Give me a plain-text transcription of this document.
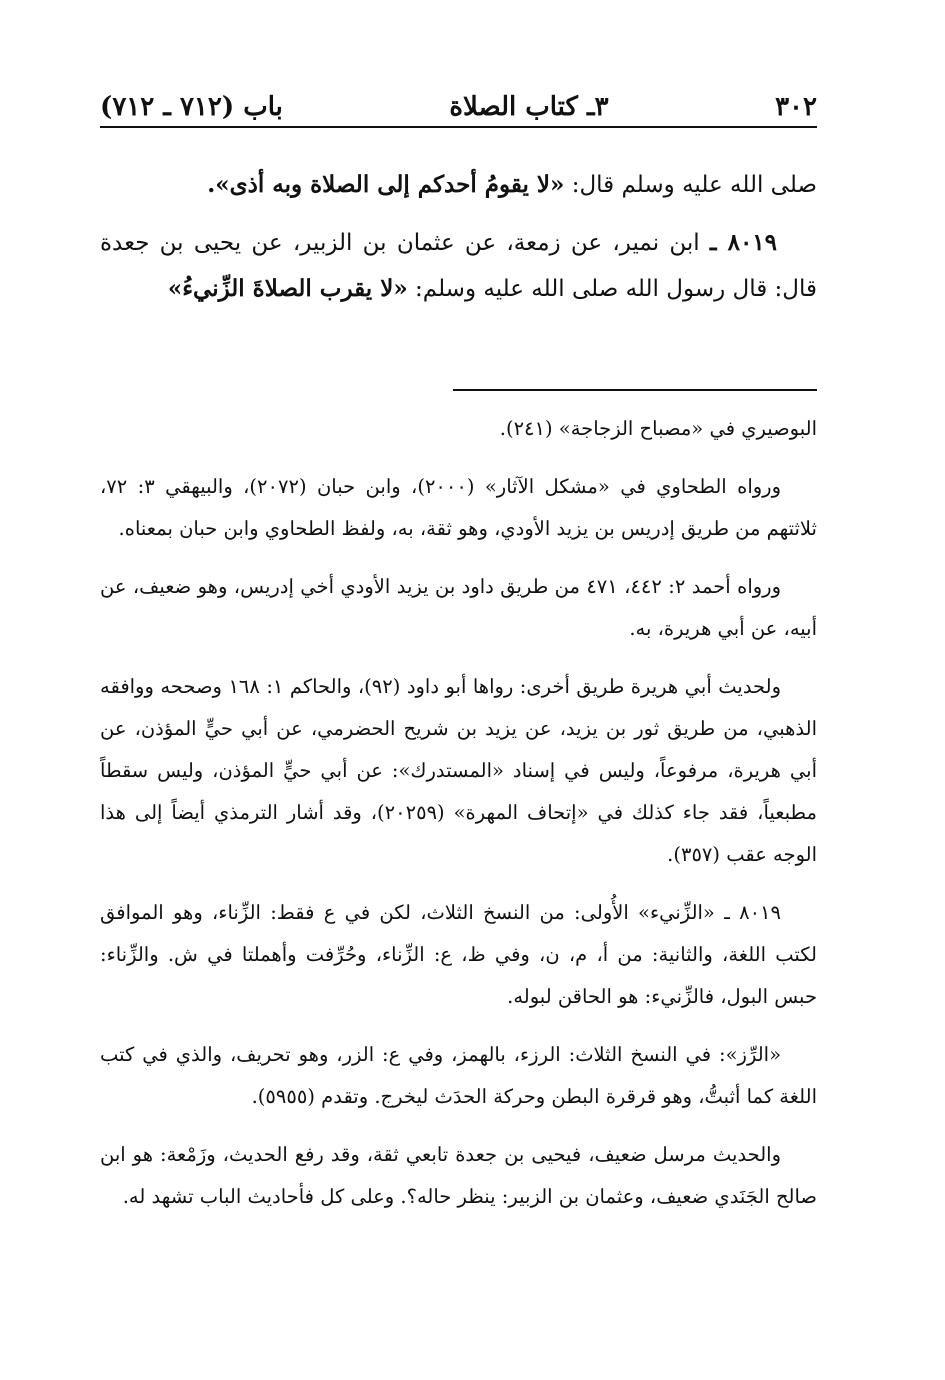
٣٠٢
٣ـ كتاب الصلاة
باب (٧١٢ ـ ٧١٢)

صلى الله عليه وسلم قال: «لا يقومُ أحدكم إلى الصلاة وبه أذى».

٨٠١٩ ـ ابن نمير، عن زمعة، عن عثمان بن الزبير، عن يحيى بن جعدة قال: قال رسول الله صلى الله عليه وسلم: «لا يقرب الصلاةَ الزِّنيءُ»

البوصيري في «مصباح الزجاجة» (٢٤١).

ورواه الطحاوي في «مشكل الآثار» (٢٠٠٠)، وابن حبان (٢٠٧٢)، والبيهقي ٣: ٧٢، ثلاثتهم من طريق إدريس بن يزيد الأودي، وهو ثقة، به، ولفظ الطحاوي وابن حبان بمعناه.

ورواه أحمد ٢: ٤٤٢، ٤٧١ من طريق داود بن يزيد الأودي أخي إدريس، وهو ضعيف، عن أبيه، عن أبي هريرة، به.

ولحديث أبي هريرة طريق أخرى: رواها أبو داود (٩٢)، والحاكم ١: ١٦٨ وصححه ووافقه الذهبي، من طريق ثور بن يزيد، عن يزيد بن شريح الحضرمي، عن أبي حيٍّ المؤذن، عن أبي هريرة، مرفوعاً، وليس في إسناد «المستدرك»: عن أبي حيٍّ المؤذن، وليس سقطاً مطبعياً، فقد جاء كذلك في «إتحاف المهرة» (٢٠٢٥٩)، وقد أشار الترمذي أيضاً إلى هذا الوجه عقب (٣٥٧).

٨٠١٩ ـ «الزِّنيء» الأُولى: من النسخ الثلاث، لكن في ع فقط: الزِّناء، وهو الموافق لكتب اللغة، والثانية: من أ، م، ن، وفي ظ، ع: الزِّناء، وحُرِّفت وأهملتا في ش. والزِّناء: حبس البول، فالزِّنيء: هو الحاقن لبوله.

«الرِّز»: في النسخ الثلاث: الرزء، بالهمز، وفي ع: الزر، وهو تحريف، والذي في كتب اللغة كما أثبتُّ، وهو قرقرة البطن وحركة الحدَث ليخرج. وتقدم (٥٩٥٥).

والحديث مرسل ضعيف، فيحيى بن جعدة تابعي ثقة، وقد رفع الحديث، وزَمْعة: هو ابن صالح الجَنَدي ضعيف، وعثمان بن الزبير: ينظر حاله؟. وعلى كل فأحاديث الباب تشهد له.
